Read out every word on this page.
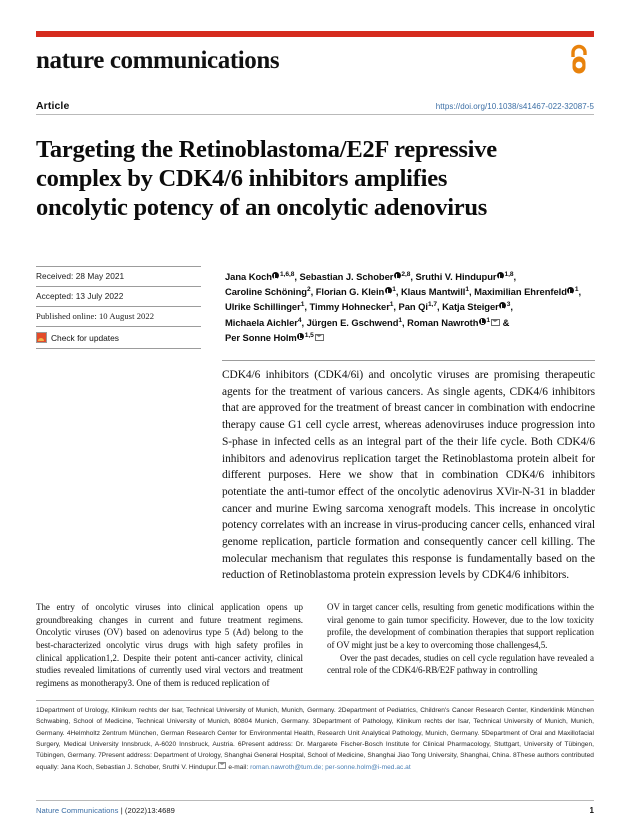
nature communications
Article	https://doi.org/10.1038/s41467-022-32087-5
Targeting the Retinoblastoma/E2F repressive complex by CDK4/6 inhibitors amplifies oncolytic potency of an oncolytic adenovirus
Received: 28 May 2021
Accepted: 13 July 2022
Published online: 10 August 2022
Check for updates
Jana Koch $^{1,6,8}$, Sebastian J. Schober $^{2,8}$, Sruthi V. Hindupur $^{1,8}$,
Caroline Schöning$^2$, Florian G. Klein $^1$, Klaus Mantwill$^1$, Maximilian Ehrenfeld $^1$,
Ulrike Schillinger$^1$, Timmy Hohnecker$^1$, Pan Qi$^{1,7}$, Katja Steiger $^3$,
Michaela Aichler$^4$, Jürgen E. Gschwend$^1$, Roman Nawroth $^1$ &
Per Sonne Holm $^{1,5}$
CDK4/6 inhibitors (CDK4/6i) and oncolytic viruses are promising therapeutic agents for the treatment of various cancers. As single agents, CDK4/6 inhibitors that are approved for the treatment of breast cancer in combination with endocrine therapy cause G1 cell cycle arrest, whereas adenoviruses induce progression into S-phase in infected cells as an integral part of the their life cycle. Both CDK4/6 inhibitors and adenovirus replication target the Retinoblastoma protein albeit for different purposes. Here we show that in combination CDK4/6 inhibitors potentiate the anti-tumor effect of the oncolytic adenovirus XVir-N-31 in bladder cancer and murine Ewing sarcoma xenograft models. This increase in oncolytic potency correlates with an increase in virus-producing cancer cells, enhanced viral genome replication, particle formation and consequently cancer cell killing. The molecular mechanism that regulates this response is fundamentally based on the reduction of Retinoblastoma protein expression levels by CDK4/6 inhibitors.

The entry of oncolytic viruses into clinical application opens up groundbreaking changes in current and future treatment regimens. Oncolytic viruses (OV) based on adenovirus type 5 (Ad) belong to the best-characterized oncolytic virus drugs with high safety profiles in clinical application1,2. Despite their potent anti-cancer activity, clinical studies revealed limitations of currently used viral vectors and treatment regimens as monotherapy3. One of them is reduced replication of

OV in target cancer cells, resulting from genetic modifications within the viral genome to gain tumor specificity. However, due to the low toxicity profile, the development of combination therapies that support replication of OV might just be a key to overcoming those challenges4,5.

Over the past decades, studies on cell cycle regulation have revealed a central role of the CDK4/6-RB/E2F pathway in controlling

1Department of Urology, Klinikum rechts der Isar, Technical University of Munich, Munich, Germany. 2Department of Pediatrics, Children's Cancer Research Center, Kinderklinik München Schwabing, School of Medicine, Technical University of Munich, 80804 Munich, Germany. 3Department of Pathology, Klinikum rechts der Isar, Technical University of Munich, Munich, Germany. 4Helmholtz Zentrum München, German Research Center for Environmental Health, Research Unit Analytical Pathology, Munich, Germany. 5Department of Oral and Maxillofacial Surgery, Medical University Innsbruck, A-6020 Innsbruck, Austria. 6Present address: Dr. Margarete Fischer-Bosch Institute for Clinical Pharmacology, Stuttgart, University of Tübingen, Tübingen, Germany. 7Present address: Department of Urology, Shanghai General Hospital, School of Medicine, Shanghai Jiao Tong University, Shanghai, China. 8These authors contributed equally: Jana Koch, Sebastian J. Schober, Sruthi V. Hindupur. e-mail: roman.nawroth@tum.de; per-sonne.holm@i-med.ac.at
Nature Communications | (2022)13:4689	1
